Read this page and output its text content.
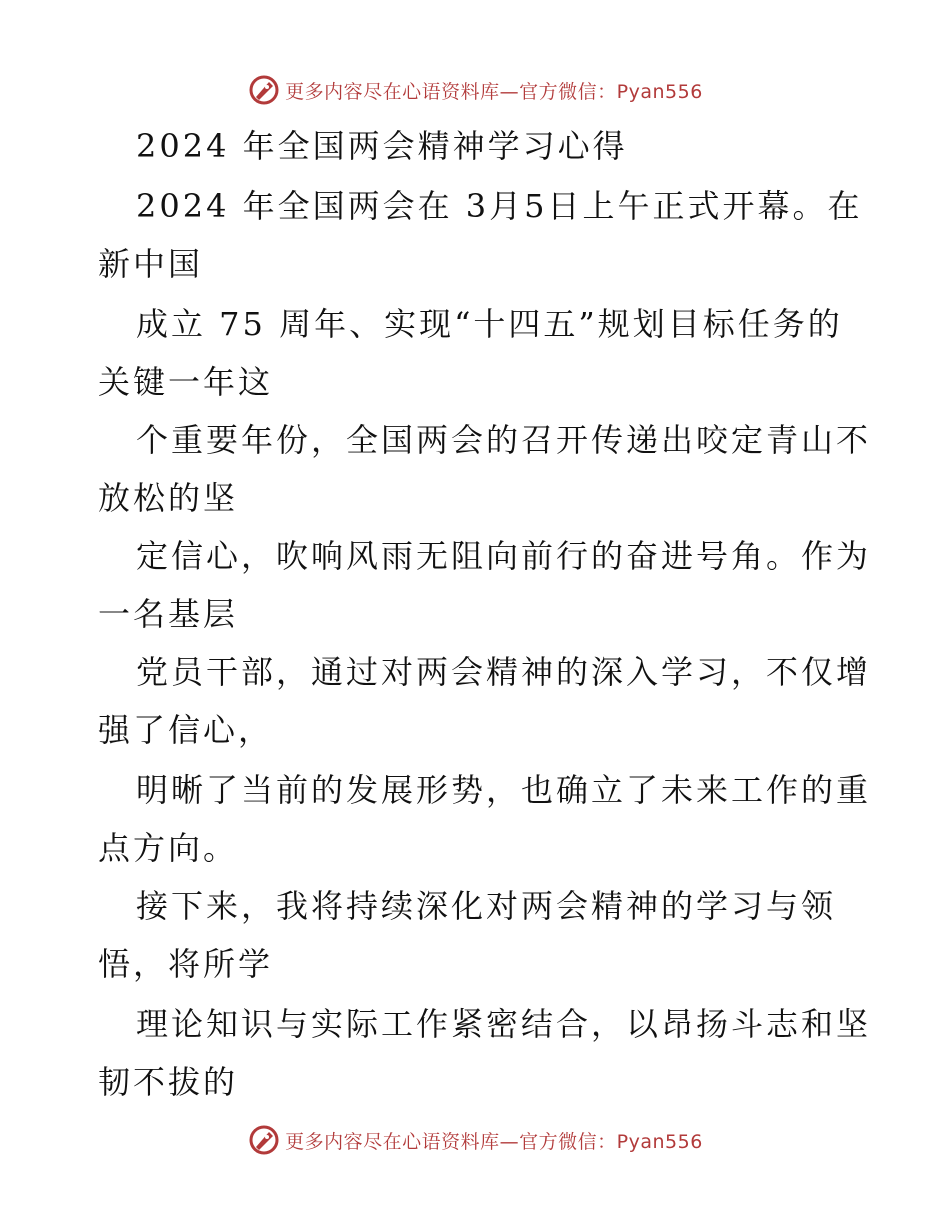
更多内容尽在心语资料库—官方微信：Pyan556
2024 年全国两会精神学习心得
2024 年全国两会在 3月5日上午正式开幕。在
新中国
成立 75 周年、实现“十四五”规划目标任务的
关键一年这
个重要年份，全国两会的召开传递出咬定青山不
放松的坚
定信心，吹响风雨无阻向前行的奋进号角。作为
一名基层
党员干部，通过对两会精神的深入学习，不仅增
强了信心，
明晰了当前的发展形势，也确立了未来工作的重
点方向。
接下来，我将持续深化对两会精神的学习与领
悟，将所学
理论知识与实际工作紧密结合，以昂扬斗志和坚
韧不拔的
更多内容尽在心语资料库—官方微信：Pyan556
